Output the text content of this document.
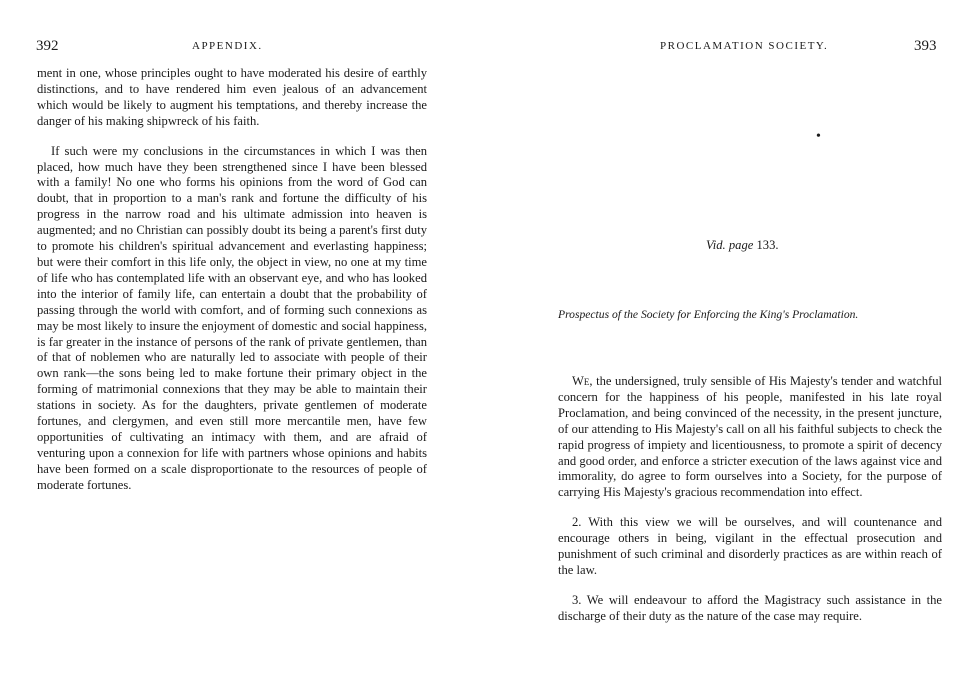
392	APPENDIX.

ment in one, whose principles ought to have moderated his desire of earthly distinctions, and to have rendered him even jealous of an advancement which would be likely to augment his temptations, and thereby increase the danger of his making shipwreck of his faith.

If such were my conclusions in the circumstances in which I was then placed, how much have they been strengthened since I have been blessed with a family! No one who forms his opinions from the word of God can doubt, that in proportion to a man's rank and fortune the difficulty of his progress in the narrow road and his ultimate admission into heaven is augmented; and no Christian can possibly doubt its being a parent's first duty to promote his children's spiritual advancement and everlasting happiness; but were their comfort in this life only, the object in view, no one at my time of life who has contemplated life with an observant eye, and who has looked into the interior of family life, can entertain a doubt that the probability of passing through the world with comfort, and of forming such connexions as may be most likely to insure the enjoyment of domestic and social happiness, is far greater in the instance of persons of the rank of private gentlemen, than of that of noblemen who are naturally led to associate with people of their own rank—the sons being led to make fortune their primary object in the forming of matrimonial connexions that they may be able to maintain their stations in society. As for the daughters, private gentlemen of moderate fortunes, and clergymen, and even still more mercantile men, have few opportunities of cultivating an intimacy with them, and are afraid of venturing upon a connexion for life with partners whose opinions and habits have been formed on a scale disproportionate to the resources of people of moderate fortunes.

393
PROCLAMATION SOCIETY.
•
Vid. page 133.
Prospectus of the Society for Enforcing the King's Proclamation.

We, the undersigned, truly sensible of His Majesty's tender and watchful concern for the happiness of his people, manifested in his late royal Proclamation, and being convinced of the necessity, in the present juncture, of our attending to His Majesty's call on all his faithful subjects to check the rapid progress of impiety and licentiousness, to promote a spirit of decency and good order, and enforce a stricter execution of the laws against vice and immorality, do agree to form ourselves into a Society, for the purpose of carrying His Majesty's gracious recommendation into effect.

2. With this view we will be ourselves, and will countenance and encourage others in being, vigilant in the effectual prosecution and punishment of such criminal and disorderly practices as are within reach of the law.

3. We will endeavour to afford the Magistracy such assistance in the discharge of their duty as the nature of the case may require.
